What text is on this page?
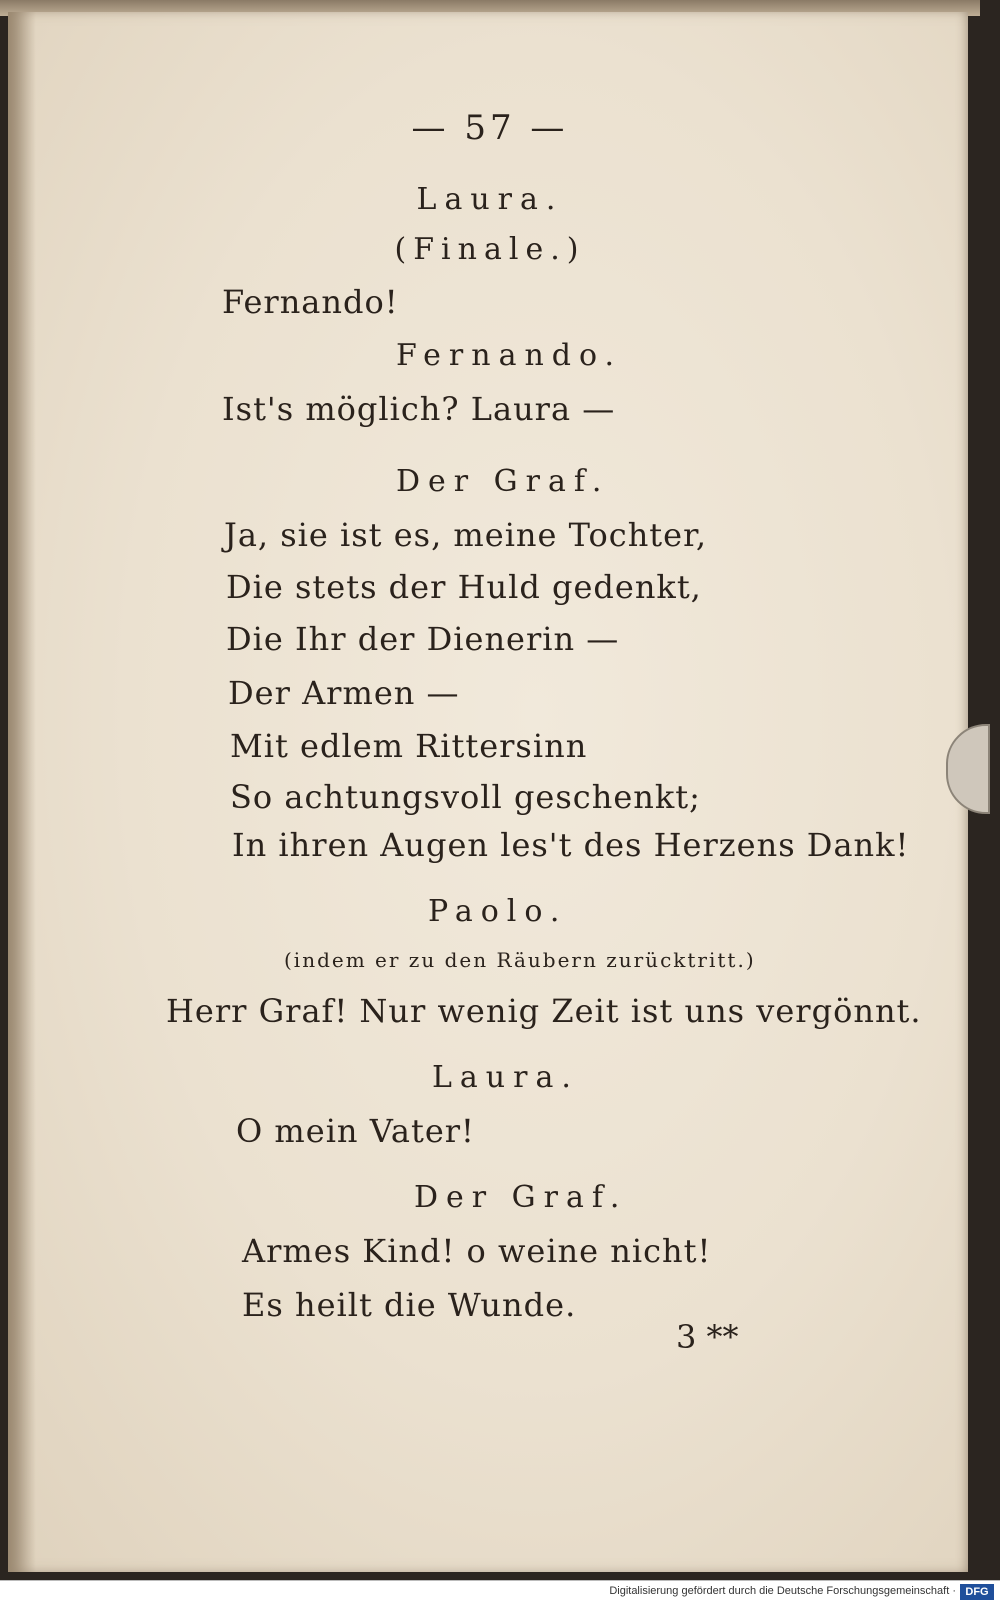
— 57 —
Laura.
(Finale.)
Fernando!
Fernando.
Ist's möglich? Laura —
Der Graf.
Ja, sie ist es, meine Tochter,
Die stets der Huld gedenkt,
Die Ihr der Dienerin —
Der Armen —
Mit edlem Rittersinn
So achtungsvoll geschenkt;
In ihren Augen les't des Herzens Dank!
Paolo.
(indem er zu den Räubern zurücktritt.)
Herr Graf! Nur wenig Zeit ist uns vergönnt.
Laura.
O mein Vater!
Der Graf.
Armes Kind! o weine nicht!
Es heilt die Wunde.
3 **
Digitalisierung gefördert durch die Deutsche Forschungsgemeinschaft · DFG
